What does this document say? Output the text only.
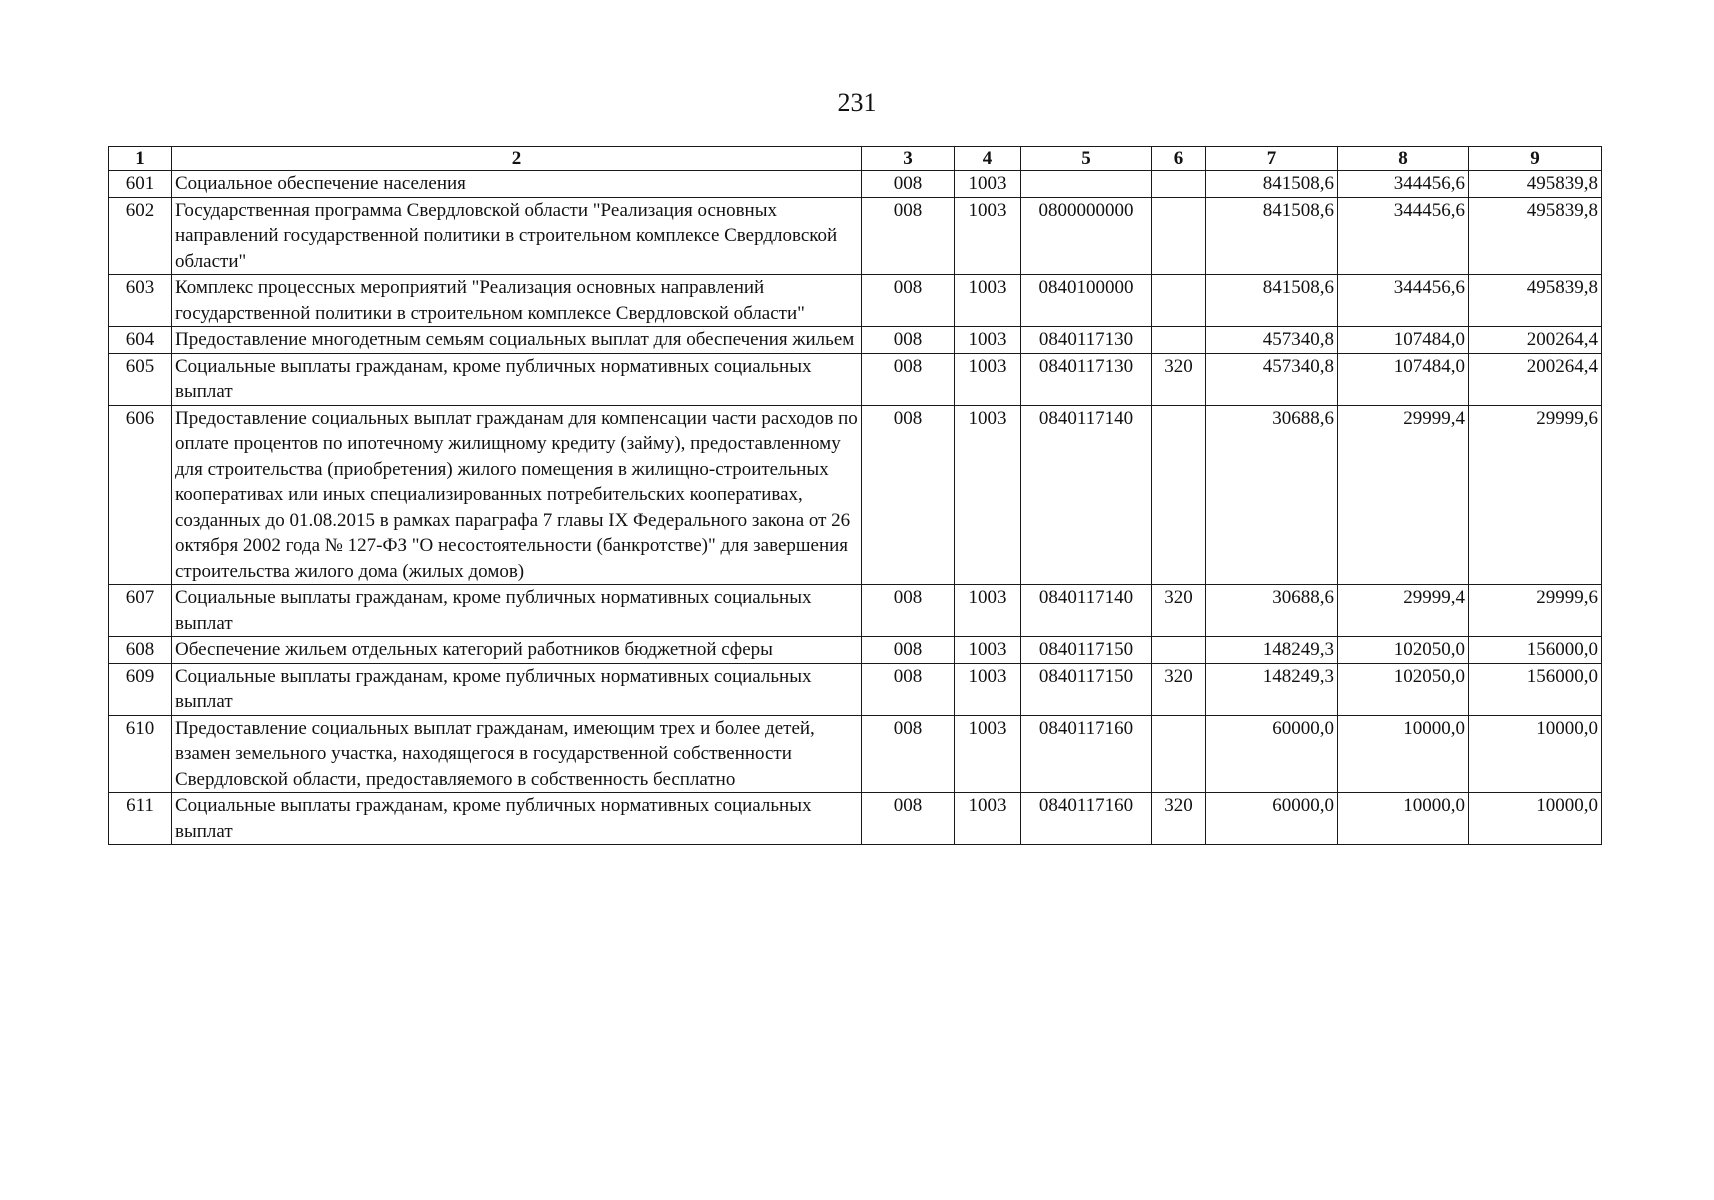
231
1	2	3	4	5	6	7	8	9
601	Социальное обеспечение населения	008	1003			841508,6	344456,6	495839,8
602	Государственная программа Свердловской области "Реализация основных направлений государственной политики в строительном комплексе Свердловской области"	008	1003	0800000000		841508,6	344456,6	495839,8
603	Комплекс процессных мероприятий "Реализация основных направлений государственной политики в строительном комплексе Свердловской области"	008	1003	0840100000		841508,6	344456,6	495839,8
604	Предоставление многодетным семьям социальных выплат для обеспечения жильем	008	1003	0840117130		457340,8	107484,0	200264,4
605	Социальные выплаты гражданам, кроме публичных нормативных социальных выплат	008	1003	0840117130	320	457340,8	107484,0	200264,4
606	Предоставление социальных выплат гражданам для компенсации части расходов по оплате процентов по ипотечному жилищному кредиту (займу), предоставленному для строительства (приобретения) жилого помещения в жилищно-строительных кооперативах или иных специализированных потребительских кооперативах, созданных до 01.08.2015 в рамках параграфа 7 главы IX Федерального закона от 26 октября 2002 года № 127-ФЗ "О несостоятельности (банкротстве)" для завершения строительства жилого дома (жилых домов)	008	1003	0840117140		30688,6	29999,4	29999,6
607	Социальные выплаты гражданам, кроме публичных нормативных социальных выплат	008	1003	0840117140	320	30688,6	29999,4	29999,6
608	Обеспечение жильем отдельных категорий работников бюджетной сферы	008	1003	0840117150		148249,3	102050,0	156000,0
609	Социальные выплаты гражданам, кроме публичных нормативных социальных выплат	008	1003	0840117150	320	148249,3	102050,0	156000,0
610	Предоставление социальных выплат гражданам, имеющим трех и более детей, взамен земельного участка, находящегося в государственной собственности Свердловской области, предоставляемого в собственность бесплатно	008	1003	0840117160		60000,0	10000,0	10000,0
611	Социальные выплаты гражданам, кроме публичных нормативных социальных выплат	008	1003	0840117160	320	60000,0	10000,0	10000,0
